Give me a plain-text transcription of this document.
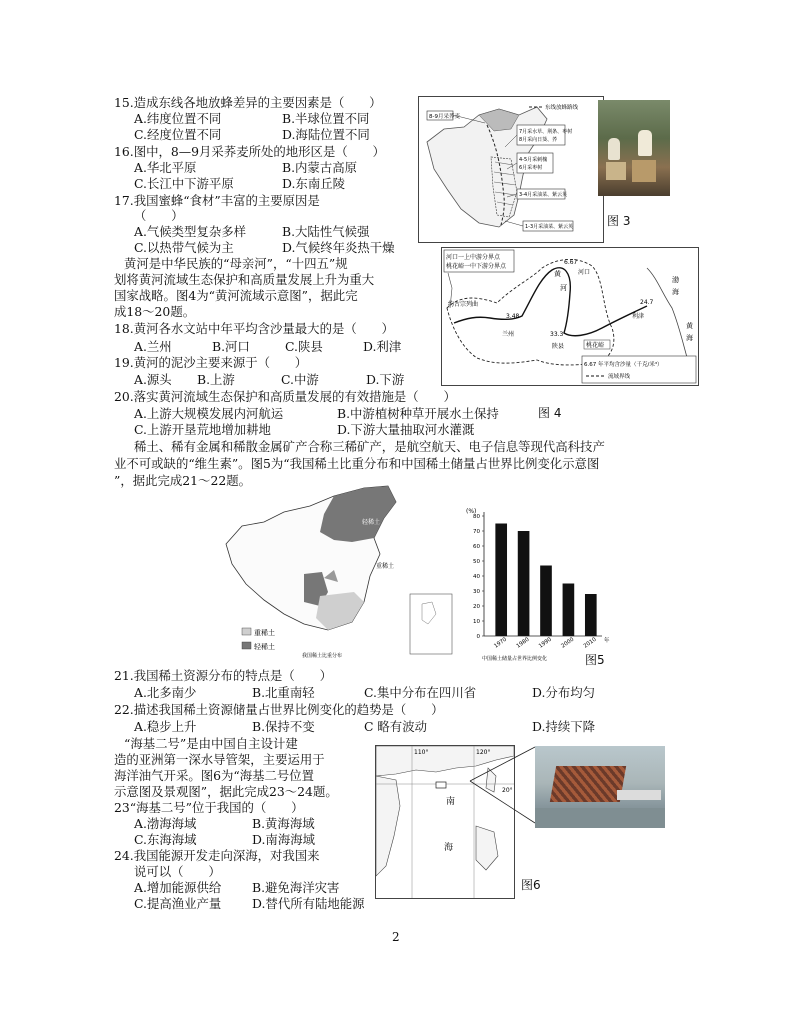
15.造成东线各地放蜂差异的主要因素是（　　）
A.纬度位置不同	B.半球位置不同
C.经度位置不同	D.海陆位置不同
16.图中，8—9月采荞麦所处的地形区是（　　）
A.华北平原	B.内蒙古高原
C.长江中下游平原	D.东南丘陵
17.我国蜜蜂“食材”丰富的主要原因是
（　　）
A.气候类型复杂多样	B.大陆性气候强
C.以热带气候为主	D.气候终年炎热干燥
黄河是中华民族的“母亲河”，“十四五”规
划将黄河流域生态保护和高质量发展上升为重大
国家战略。图4为“黄河流域示意图”，据此完
成18～20题。
18.黄河各水文站中年平均含沙量最大的是（　　）
A.兰州	B.河口	C.陕县	D.利津
19.黄河的泥沙主要来源于（　　）
A.源头 B.上游	C.中游	D.下游
20.落实黄河流域生态保护和高质量发展的有效措施是（　　）
A.上游大规模发展内河航运	B.中游植树种草开展水土保持
C.上游开垦荒地增加耕地	D.下游大量抽取河水灌溉
稀土、稀有金属和稀散金属矿产合称三稀矿产，是航空航天、电子信息等现代高科技产
业不可或缺的“维生素”。图5为“我国稀土比重分布和中国稀土储量占世界比例变化示意图
”，据此完成21～22题。
21.我国稀土资源分布的特点是（　　）
A.北多南少	B.北重南轻	C.集中分布在四川省	D.分布均匀
22.描述我国稀土资源储量占世界比例变化的趋势是（　　）
A.稳步上升	B.保持不变	C 略有波动	D.持续下降
“海基二号”是由中国自主设计建
造的亚洲第一深水导管架，主要运用于
海洋油气开采。图6为“海基二号位置
示意图及景观图”，据此完成23～24题。
23“海基二号”位于我国的（　　）
A.渤海海域	B.黄海海域
C.东海海域	D.南海海域
24.我国能源开发走向深海，对我国来
说可以（　　）
C.提高渔业产量
A.增加能源供给 B.避免海洋灾害
D.替代所有陆地能源
东线放蜂路线
8-9月采荞麦
7月采水草、荆条、枣树
8月采向日葵、荞
4-5月采刺槐
6月采枣树
3-4月采油菜、紫云英
1-3月采油菜、紫云英	图 3
河口一上中游分界点
桃花峪一中下游分界点
约古宗列曲
兰州
河口
陕县	桃花峪
利津
黄
河
渤
海
黄
海
3.48
6.67
33.3
24.7
6.67 年平均含沙量（千克/米³）
流域界线
图 4
轻稀土
重稀土
重稀土
轻稀土
我国稀土比重分布
(%)
0
10
20
30
40
50
60
70
80
1970 1980 1990 2000 2010 年
中国稀土储量占世界比例变化	图5
110°	120°
20°
南
海
图6
2
